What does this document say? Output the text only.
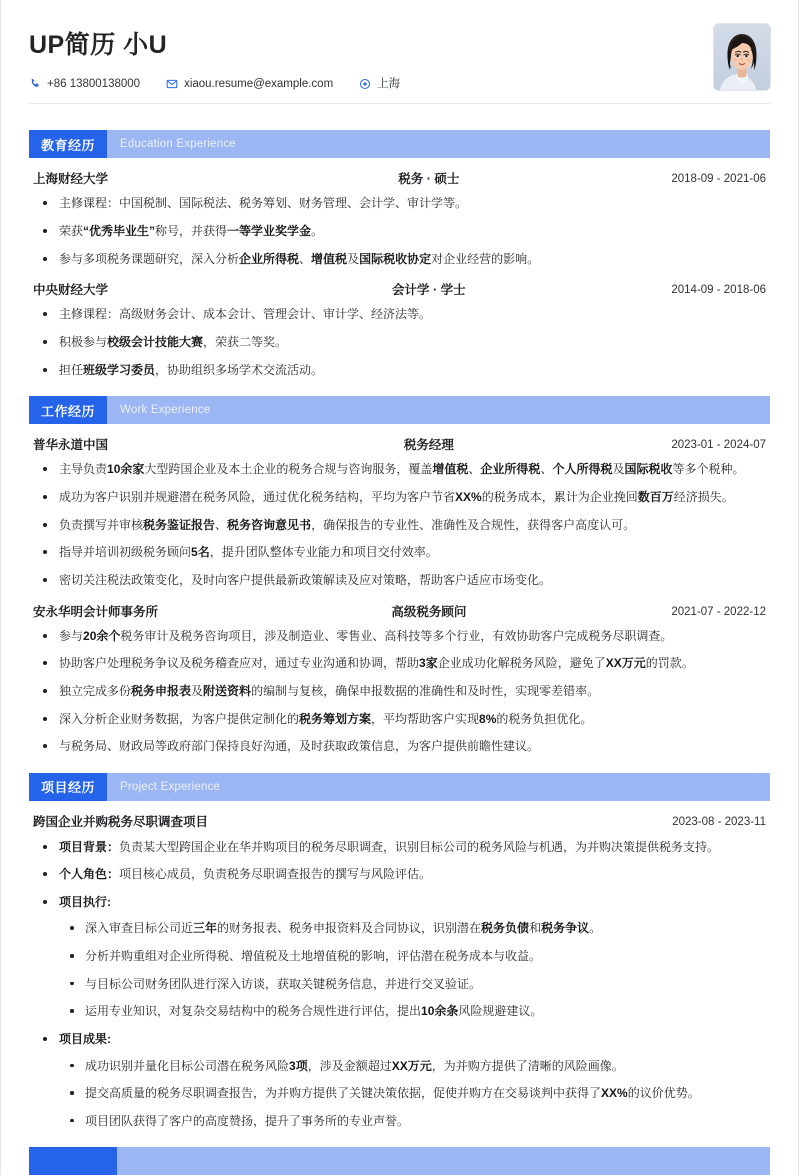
UP简历 小U
+86 13800138000	xiaou.resume@example.com	上海
教育经历	Education Experience
上海财经大学	税务 · 硕士	2018-09 - 2021-06
主修课程：中国税制、国际税法、税务筹划、财务管理、会计学、审计学等。
荣获“优秀毕业生”称号，并获得一等学业奖学金。
参与多项税务课题研究，深入分析企业所得税、增值税及国际税收协定对企业经营的影响。
中央财经大学	会计学 · 学士	2014-09 - 2018-06
主修课程：高级财务会计、成本会计、管理会计、审计学、经济法等。
积极参与校级会计技能大赛，荣获二等奖。
担任班级学习委员，协助组织多场学术交流活动。
工作经历	Work Experience
普华永道中国	税务经理	2023-01 - 2024-07
主导负责10余家大型跨国企业及本土企业的税务合规与咨询服务，覆盖增值税、企业所得税、个人所得税及国际税收等多个税种。
成功为客户识别并规避潜在税务风险，通过优化税务结构，平均为客户节省XX%的税务成本，累计为企业挽回数百万经济损失。
负责撰写并审核税务鉴证报告、税务咨询意见书，确保报告的专业性、准确性及合规性，获得客户高度认可。
指导并培训初级税务顾问5名，提升团队整体专业能力和项目交付效率。
密切关注税法政策变化，及时向客户提供最新政策解读及应对策略，帮助客户适应市场变化。
安永华明会计师事务所	高级税务顾问	2021-07 - 2022-12
参与20余个税务审计及税务咨询项目，涉及制造业、零售业、高科技等多个行业，有效协助客户完成税务尽职调查。
协助客户处理税务争议及税务稽查应对，通过专业沟通和协调，帮助3家企业成功化解税务风险，避免了XX万元的罚款。
独立完成多份税务申报表及附送资料的编制与复核，确保申报数据的准确性和及时性，实现零差错率。
深入分析企业财务数据，为客户提供定制化的税务筹划方案，平均帮助客户实现8%的税务负担优化。
与税务局、财政局等政府部门保持良好沟通，及时获取政策信息，为客户提供前瞻性建议。
项目经历	Project Experience
跨国企业并购税务尽职调查项目	2023-08 - 2023-11
项目背景：负责某大型跨国企业在华并购项目的税务尽职调查，识别目标公司的税务风险与机遇，为并购决策提供税务支持。
个人角色：项目核心成员，负责税务尽职调查报告的撰写与风险评估。
项目执行:
深入审查目标公司近三年的财务报表、税务申报资料及合同协议，识别潜在税务负债和税务争议。
分析并购重组对企业所得税、增值税及土地增值税的影响，评估潜在税务成本与收益。
与目标公司财务团队进行深入访谈，获取关键税务信息，并进行交叉验证。
运用专业知识，对复杂交易结构中的税务合规性进行评估，提出10余条风险规避建议。
项目成果:
成功识别并量化目标公司潜在税务风险3项，涉及金额超过XX万元，为并购方提供了清晰的风险画像。
提交高质量的税务尽职调查报告，为并购方提供了关键决策依据，促使并购方在交易谈判中获得了XX%的议价优势。
项目团队获得了客户的高度赞扬，提升了事务所的专业声誉。
